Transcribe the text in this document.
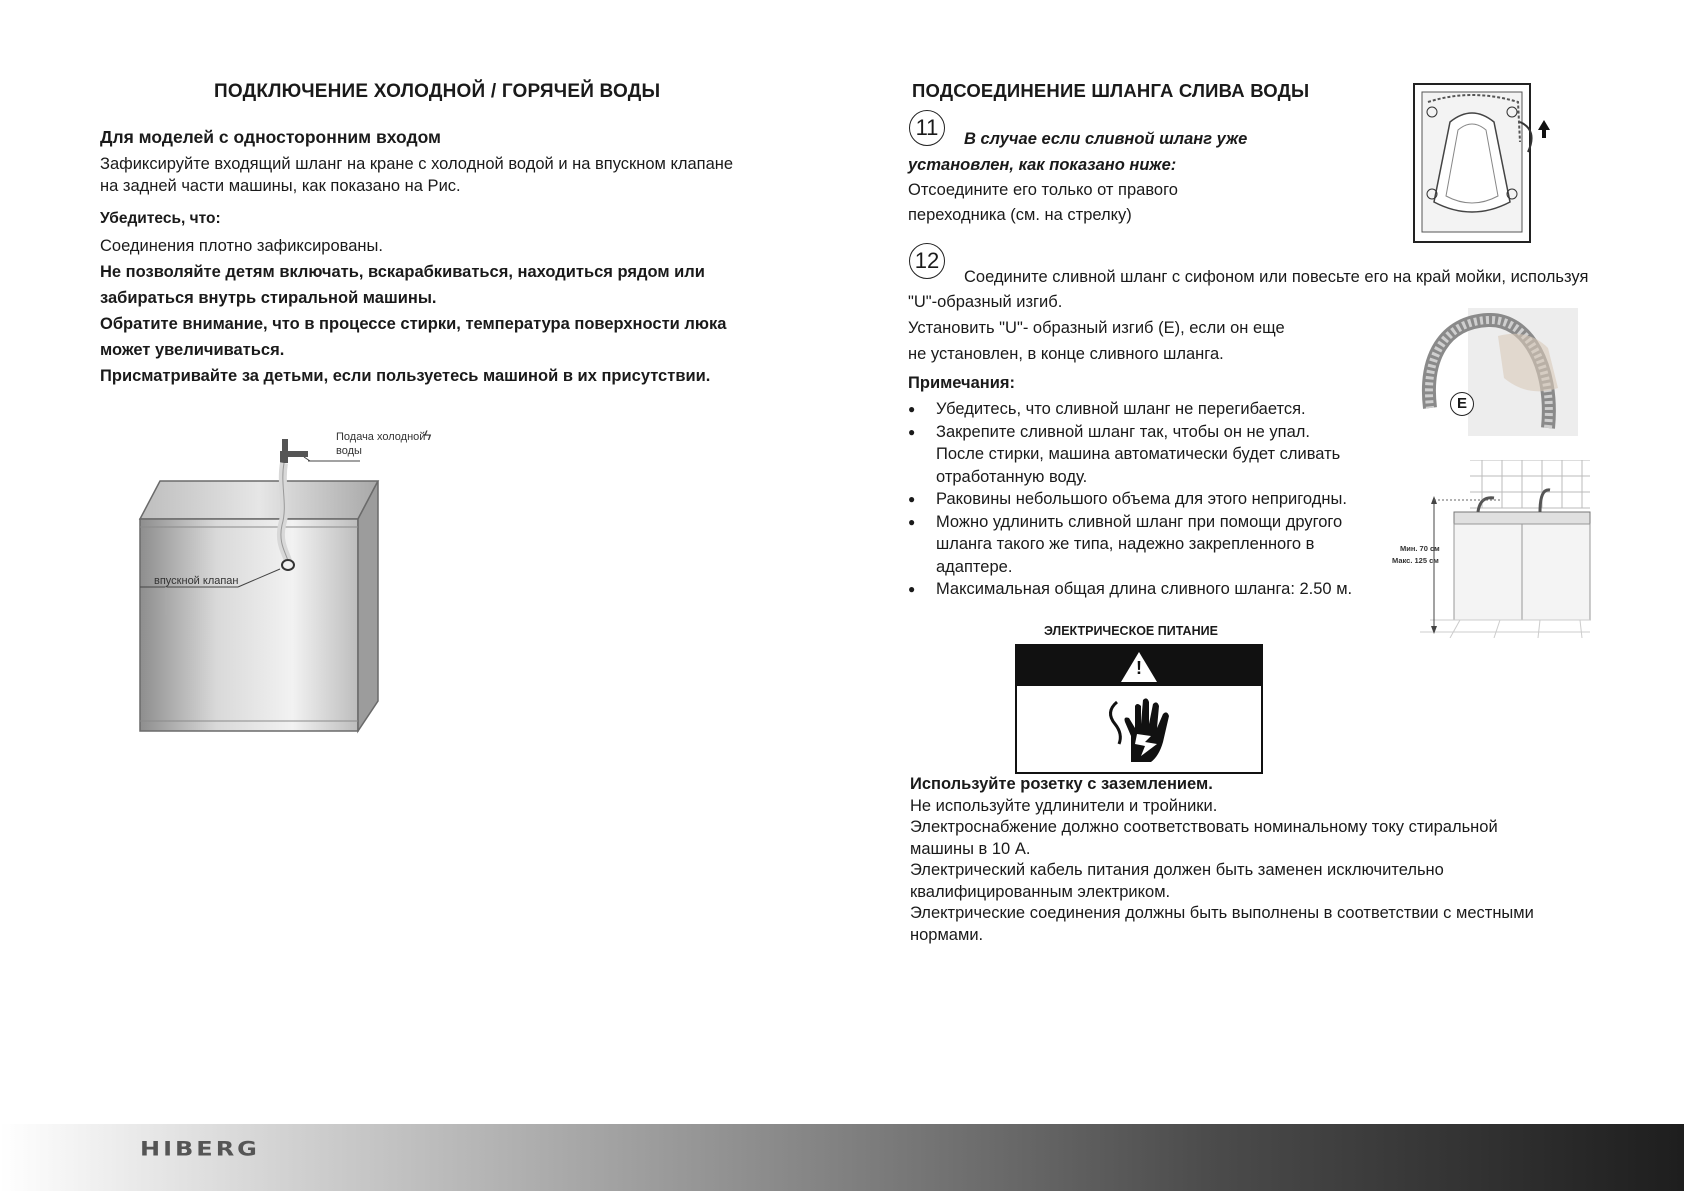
ПОДКЛЮЧЕНИЕ ХОЛОДНОЙ / ГОРЯЧЕЙ ВОДЫ

Для моделей с односторонним входом

Зафиксируйте входящий шланг на кране с холодной водой и на впускном клапане

на задней части машины, как показано на Рис.

Убедитесь, что:

Соединения плотно зафиксированы.

Не позволяйте детям включать, вскарабкиваться, находиться рядом или

забираться внутрь стиральной машины.

Обратите внимание, что в процессе стирки, температура поверхности люка

может увеличиваться.

Присматривайте за детьми, если пользуетесь машиной в их присутствии.

Подача холодной
воды
ϟ
впускной клапан
ПОДСОЕДИНЕНИЕ ШЛАНГА СЛИВА ВОДЫ
11	В случае если сливной шланг уже

установлен, как показано ниже:

Отсоедините его только от правого

переходника (см. на стрелку)

12

Соедините сливной шланг с сифоном или повесьте его на край мойки, используя

"U"-образный изгиб.

Установить "U"- образный изгиб (Е), если он еще

не установлен, в конце сливного шланга.

E

Примечания:

● Убедитесь, что сливной шланг не перегибается.
● Закрепите сливной шланг так, чтобы он не упал. После стирки, машина автоматически будет сливать отработанную воду.
● Раковины небольшого объема для этого непригодны.
● Можно удлинить сливной шланг при помощи другого шланга такого же типа, надежно закрепленного в адаптере.
● Максимальная общая длина сливного шланга: 2.50 м.
Мин. 70 см
Макс. 125 см

ЭЛЕКТРИЧЕСКОЕ ПИТАНИЕ

!
Используйте розетку с заземлением.
Не используйте удлинители и тройники.
Электроснабжение должно соответствовать номинальному току стиральной
машины в 10 А.
Электрический кабель питания должен быть заменен исключительно
квалифицированным электриком.
Электрические соединения должны быть выполнены в соответствии с местными
нормами.
HIBERG
